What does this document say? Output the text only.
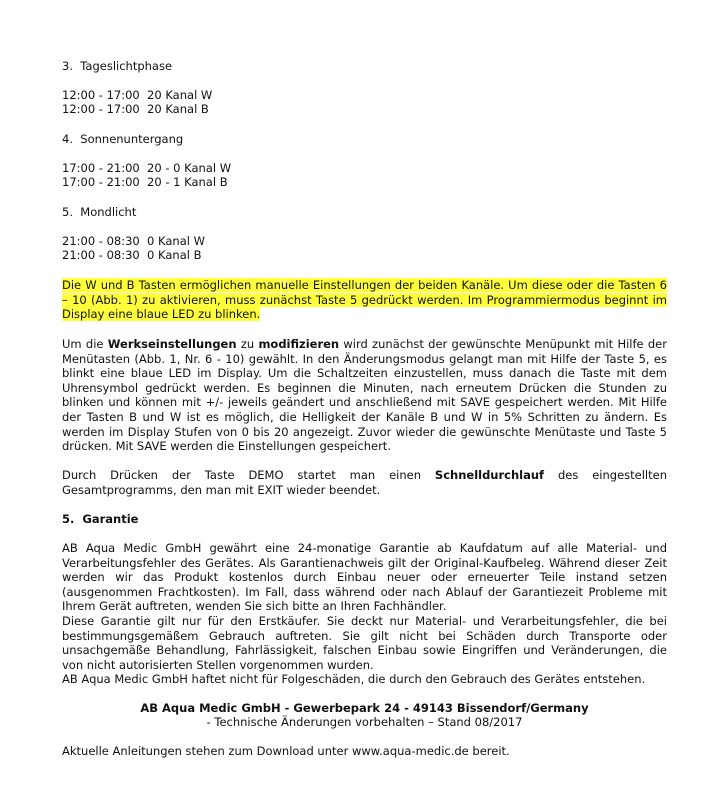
3.  Tageslichtphase
12:00 - 17:00  20 Kanal W
12:00 - 17:00  20 Kanal B
4.  Sonnenuntergang
17:00 - 21:00  20 - 0 Kanal W
17:00 - 21:00  20 - 1 Kanal B
5.  Mondlicht
21:00 - 08:30  0 Kanal W
21:00 - 08:30  0 Kanal B
Die W und B Tasten ermöglichen manuelle Einstellungen der beiden Kanäle. Um diese oder die Tasten 6 – 10 (Abb. 1) zu aktivieren, muss zunächst Taste 5 gedrückt werden. Im Programmiermodus beginnt im Display eine blaue LED zu blinken.

Um die Werkseinstellungen zu modifizieren wird zunächst der gewünschte Menüpunkt mit Hilfe der Menütasten (Abb. 1, Nr. 6 - 10) gewählt. In den Änderungsmodus gelangt man mit Hilfe der Taste 5, es blinkt eine blaue LED im Display. Um die Schaltzeiten einzustellen, muss danach die Taste mit dem Uhrensymbol gedrückt werden. Es beginnen die Minuten, nach erneutem Drücken die Stunden zu blinken und können mit +/- jeweils geändert und anschließend mit SAVE gespeichert werden. Mit Hilfe der Tasten B und W ist es möglich, die Helligkeit der Kanäle B und W in 5% Schritten zu ändern. Es werden im Display Stufen von 0 bis 20 angezeigt. Zuvor wieder die gewünschte Menütaste und Taste 5 drücken. Mit SAVE werden die Einstellungen gespeichert.

Durch Drücken der Taste DEMO startet man einen Schnelldurchlauf des eingestellten Gesamtprogramms, den man mit EXIT wieder beendet.

5.  Garantie

AB Aqua Medic GmbH gewährt eine 24-monatige Garantie ab Kaufdatum auf alle Material- und Verarbeitungsfehler des Gerätes. Als Garantienachweis gilt der Original-Kaufbeleg. Während dieser Zeit werden wir das Produkt kostenlos durch Einbau neuer oder erneuerter Teile instand setzen (ausgenommen Frachtkosten). Im Fall, dass während oder nach Ablauf der Garantiezeit Probleme mit Ihrem Gerät auftreten, wenden Sie sich bitte an Ihren Fachhändler.

Diese Garantie gilt nur für den Erstkäufer. Sie deckt nur Material- und Verarbeitungsfehler, die bei bestimmungsgemäßem Gebrauch auftreten. Sie gilt nicht bei Schäden durch Transporte oder unsachgemäße Behandlung, Fahrlässigkeit, falschen Einbau sowie Eingriffen und Veränderungen, die von nicht autorisierten Stellen vorgenommen wurden.

AB Aqua Medic GmbH haftet nicht für Folgeschäden, die durch den Gebrauch des Gerätes entstehen.

AB Aqua Medic GmbH - Gewerbepark 24 - 49143 Bissendorf/Germany
- Technische Änderungen vorbehalten – Stand 08/2017
Aktuelle Anleitungen stehen zum Download unter www.aqua-medic.de bereit.
